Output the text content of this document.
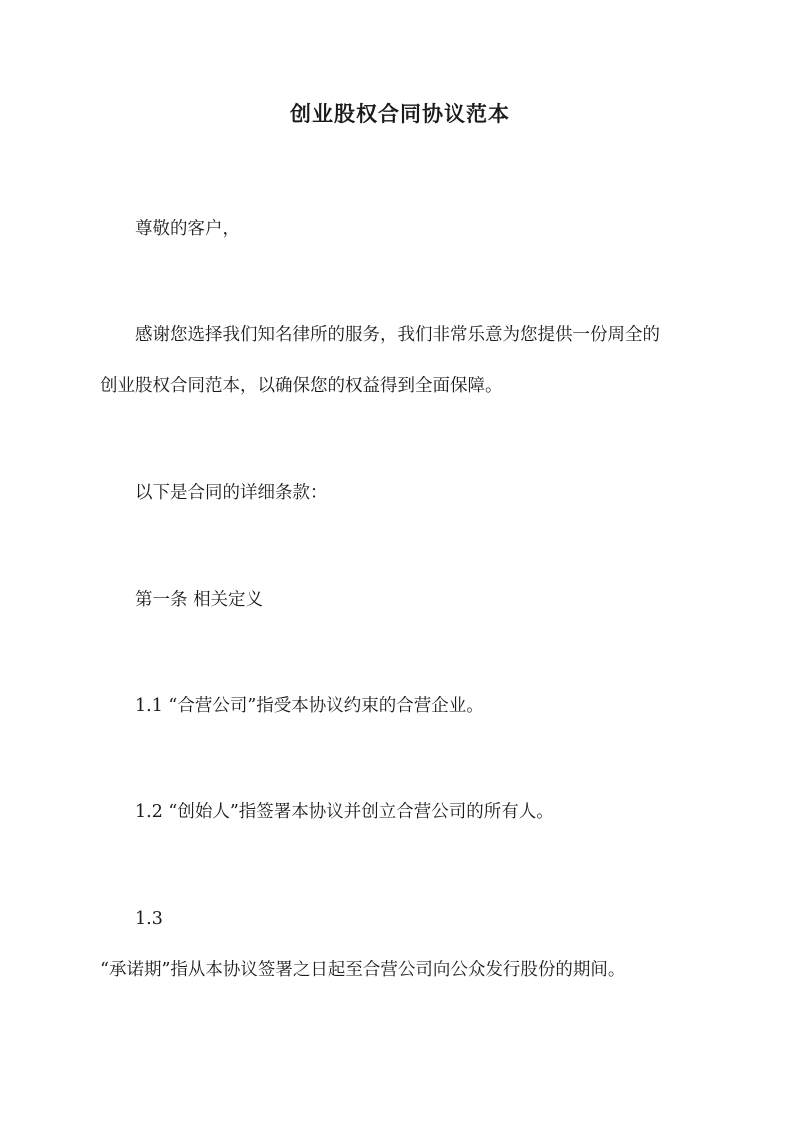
创业股权合同协议范本

尊敬的客户，

感谢您选择我们知名律所的服务，我们非常乐意为您提供一份周全的

创业股权合同范本，以确保您的权益得到全面保障。

以下是合同的详细条款：

第一条 相关定义

1.1 “合营公司”指受本协议约束的合营企业。

1.2 “创始人”指签署本协议并创立合营公司的所有人。

1.3

“承诺期”指从本协议签署之日起至合营公司向公众发行股份的期间。
